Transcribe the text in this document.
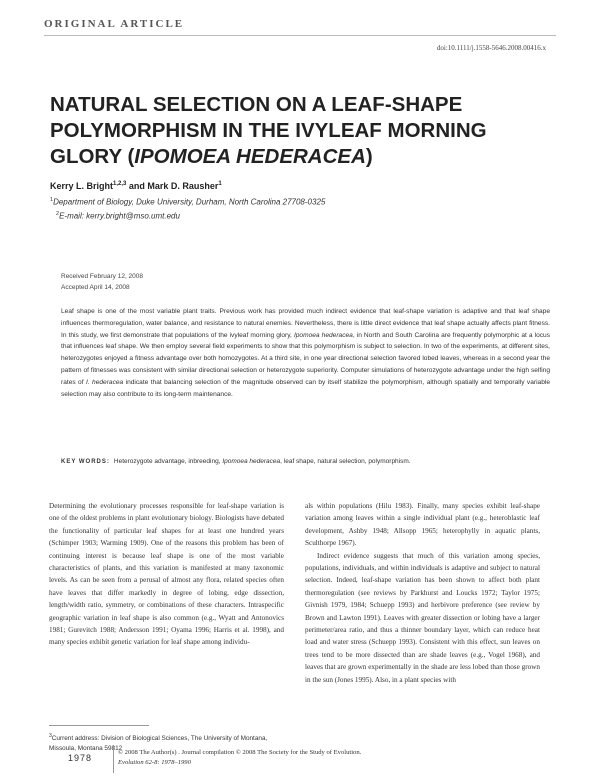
ORIGINAL ARTICLE
doi:10.1111/j.1558-5646.2008.00416.x
NATURAL SELECTION ON A LEAF-SHAPE POLYMORPHISM IN THE IVYLEAF MORNING GLORY (IPOMOEA HEDERACEA)
Kerry L. Bright$^{1,2,3}$ and Mark D. Rausher$^1$
$^1$Department of Biology, Duke University, Durham, North Carolina 27708-0325
$^2$E-mail: kerry.bright@mso.umt.edu
Received February 12, 2008
Accepted April 14, 2008

Leaf shape is one of the most variable plant traits. Previous work has provided much indirect evidence that leaf-shape variation is adaptive and that leaf shape influences thermoregulation, water balance, and resistance to natural enemies. Nevertheless, there is little direct evidence that leaf shape actually affects plant fitness. In this study, we first demonstrate that populations of the ivyleaf morning glory, Ipomoea hederacea, in North and South Carolina are frequently polymorphic at a locus that influences leaf shape. We then employ several field experiments to show that this polymorphism is subject to selection. In two of the experiments, at different sites, heterozygotes enjoyed a fitness advantage over both homozygotes. At a third site, in one year directional selection favored lobed leaves, whereas in a second year the pattern of fitnesses was consistent with similar directional selection or heterozygote superiority. Computer simulations of heterozygote advantage under the high selfing rates of I. hederacea indicate that balancing selection of the magnitude observed can by itself stabilize the polymorphism, although spatially and temporally variable selection may also contribute to its long-term maintenance.

KEY WORDS: Heterozygote advantage, inbreeding, Ipomoea hederacea, leaf shape, natural selection, polymorphism.

Determining the evolutionary processes responsible for leaf-shape variation is one of the oldest problems in plant evolutionary biology. Biologists have debated the functionality of particular leaf shapes for at least one hundred years (Schimper 1903; Warming 1909). One of the reasons this problem has been of continuing interest is because leaf shape is one of the most variable characteristics of plants, and this variation is manifested at many taxonomic levels. As can be seen from a perusal of almost any flora, related species often have leaves that differ markedly in degree of lobing, edge dissection, length/width ratio, symmetry, or combinations of these characters. Intraspecific geographic variation in leaf shape is also common (e.g., Wyatt and Antonovics 1981; Gurevitch 1988; Andersson 1991; Oyama 1996; Harris et al. 1998), and many species exhibit genetic variation for leaf shape among individu-

als within populations (Hilu 1983). Finally, many species exhibit leaf-shape variation among leaves within a single individual plant (e.g., heteroblastic leaf development, Ashby 1948; Allsopp 1965; heterophylly in aquatic plants, Sculthorpe 1967).

Indirect evidence suggests that much of this variation among species, populations, individuals, and within individuals is adaptive and subject to natural selection. Indeed, leaf-shape variation has been shown to affect both plant thermoregulation (see reviews by Parkhurst and Loucks 1972; Taylor 1975; Givnish 1979, 1984; Schuepp 1993) and herbivore preference (see review by Brown and Lawton 1991). Leaves with greater dissection or lobing have a larger perimeter/area ratio, and thus a thinner boundary layer, which can reduce heat load and water stress (Schuepp 1993). Consistent with this effect, sun leaves on trees tend to be more dissected than are shade leaves (e.g., Vogel 1968), and leaves that are grown experimentally in the shade are less lobed than those grown in the sun (Jones 1995). Also, in a plant species with

$^3$Current address: Division of Biological Sciences, The University of Montana, Missoula, Montana 59812
1978
© 2008 The Author(s) . Journal compilation © 2008 The Society for the Study of Evolution.
Evolution 62-8: 1978–1990
